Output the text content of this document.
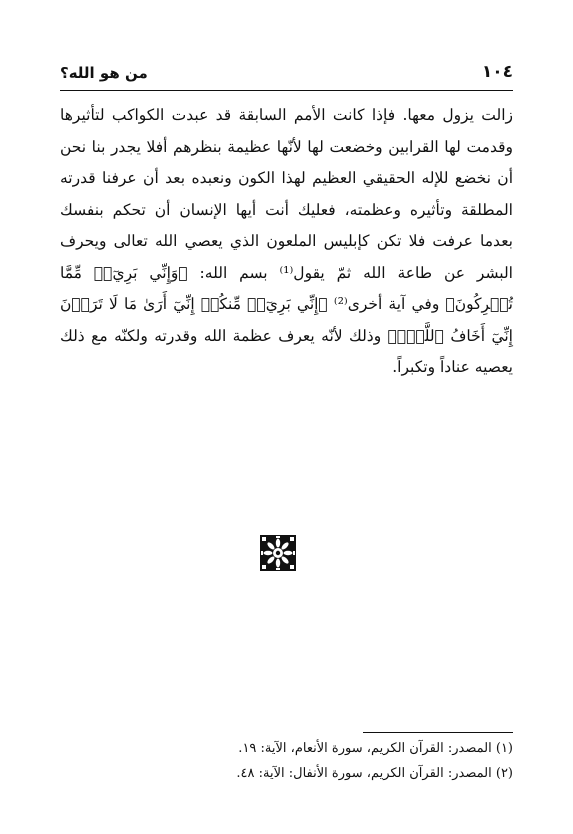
١٠٤
من هو الله؟

زالت يزول معها. فإذا كانت الأمم السابقة قد عبدت الكواكب لتأثيرها وقدمت لها القرابين وخضعت لها لأنّها عظيمة بنظرهم أفلا يجدر بنا نحن أن نخضع للإله الحقيقي العظيم لهذا الكون ونعبده بعد أن عرفنا قدرته المطلقة وتأثيره وعظمته، فعليك أنت أيها الإنسان أن تحكم بنفسك بعدما عرفت فلا تكن كإبليس الملعون الذي يعصي الله تعالى ويحرف البشر عن طاعة الله ثمّ يقول⁽¹⁾ بسم الله: ﴿وَإِنِّي بَرِيٓءٞ مِّمَّا تُشۡرِكُونَ﴾ وفي آية أخرى⁽²⁾ ﴿إِنِّي بَرِيٓءٞ مِّنكُمۡ إِنِّيٓ أَرَىٰ مَا لَا تَرَوۡنَ إِنِّيٓ أَخَافُ ٱللَّهَۚ﴾ وذلك لأنّه يعرف عظمة الله وقدرته ولكنّه مع ذلك يعصيه عناداً وتكبراً.

(١) المصدر: القرآن الكريم، سورة الأنعام، الآية: ١٩.
(٢) المصدر: القرآن الكريم، سورة الأنفال: الآية: ٤٨.
